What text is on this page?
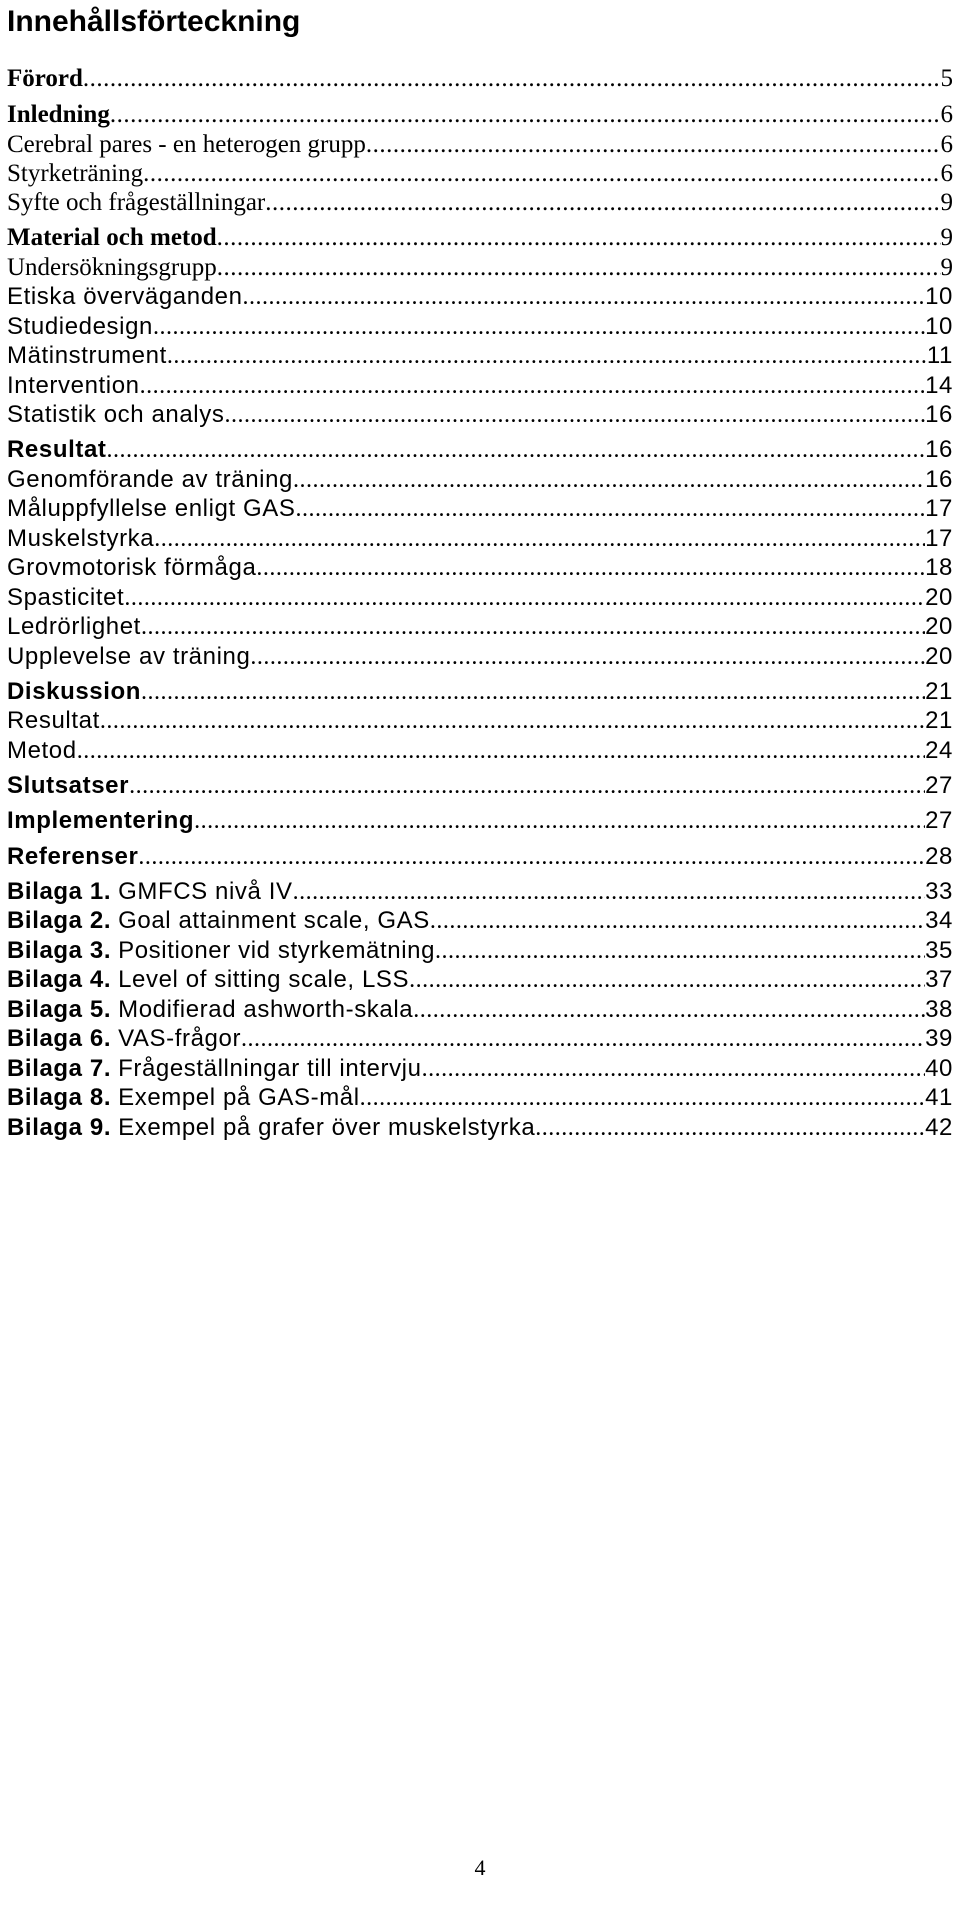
Innehållsförteckning
Förord .....	5
Inledning .....	6
Cerebral pares - en heterogen grupp .....	6
Styrketräning .....	6
Syfte och frågeställningar .....	9
Material och metod .....	9
Undersökningsgrupp .....	9
Etiska överväganden .....	10
Studiedesign .....	10
Mätinstrument .....	11
Intervention .....	14
Statistik och analys .....	16
Resultat .....	16
Genomförande av träning .....	16
Måluppfyllelse enligt GAS .....	17
Muskelstyrka .....	17
Grovmotorisk förmåga .....	18
Spasticitet .....	20
Ledrörlighet .....	20
Upplevelse av träning .....	20
Diskussion .....	21
Resultat .....	21
Metod .....	24
Slutsatser .....	27
Implementering .....	27
Referenser .....	28
Bilaga 1. GMFCS nivå IV .....	33
Bilaga 2. Goal attainment scale, GAS .....	34
Bilaga 3. Positioner vid styrkemätning .....	35
Bilaga 4. Level of sitting scale, LSS .....	37
Bilaga 5. Modifierad ashworth-skala .....	38
Bilaga 6. VAS-frågor .....	39
Bilaga 7. Frågeställningar till intervju .....	40
Bilaga 8. Exempel på GAS-mål .....	41
Bilaga 9. Exempel på grafer över muskelstyrka .....	42

4
